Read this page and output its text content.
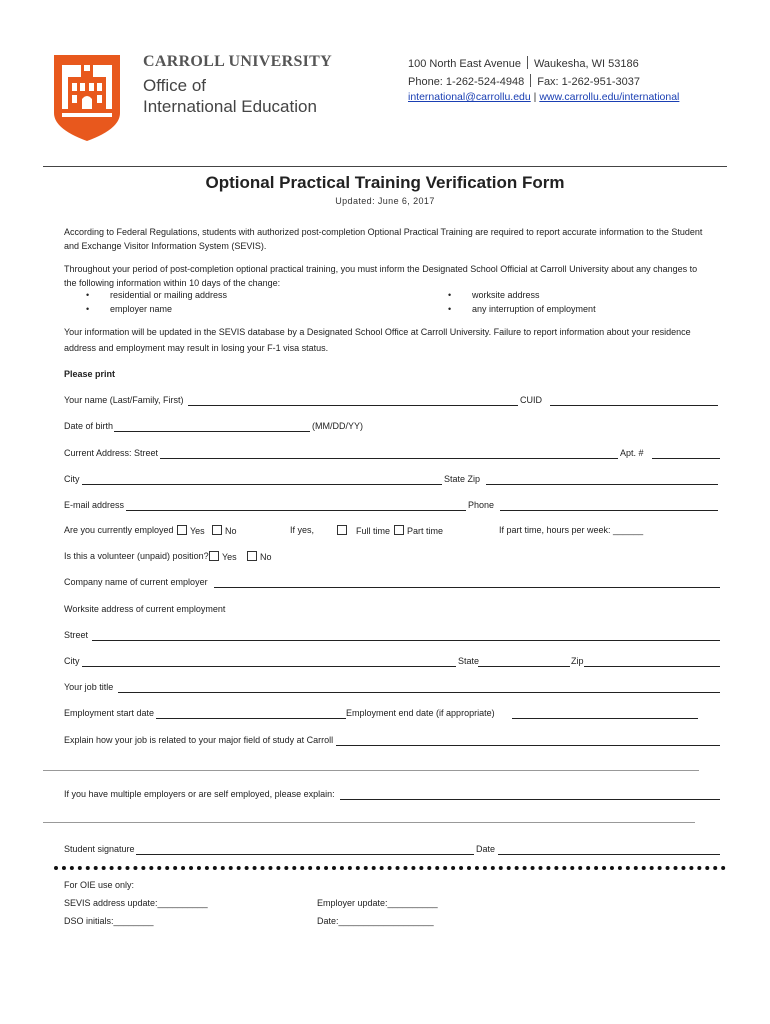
CARROLL UNIVERSITY
Office of
International Education
100 North East Avenue Waukesha, WI 53186
Phone: 1-262-524-4948 Fax: 1-262-951-3037
international@carrollu.edu | www.carrollu.edu/international
Optional Practical Training Verification Form
Updated: June 6, 2017
According to Federal Regulations, students with authorized post-completion Optional Practical Training are required to report accurate information to the Student and Exchange Visitor Information System (SEVIS).
Throughout your period of post-completion optional practical training, you must inform the Designated School Official at Carroll University about any changes to the following information within 10 days of the change:
• residential or mailing address
• employer name
• worksite address
• any interruption of employment
Your information will be updated in the SEVIS database by a Designated School Office at Carroll University. Failure to report information about your residence address and employment may result in losing your F-1 visa status.
Please print
Your name (Last/Family, First)	CUID
Date of birth	(MM/DD/YY)
Current Address: Street	Apt. #
City	State Zip
E-mail address	Phone
Are you currently employed	Yes	No	If yes,	Full time	Part time	If part time, hours per week: ______
Is this a volunteer (unpaid) position?	Yes	No
Company name of current employer
Worksite address of current employment
Street
City	State	Zip
Your job title
Employment start date	Employment end date (if appropriate)
Explain how your job is related to your major field of study at Carroll
If you have multiple employers or are self employed, please explain:
Student signature	Date
For OIE use only:
SEVIS address update:__________	Employer update:__________
DSO initials:________	Date:___________________
